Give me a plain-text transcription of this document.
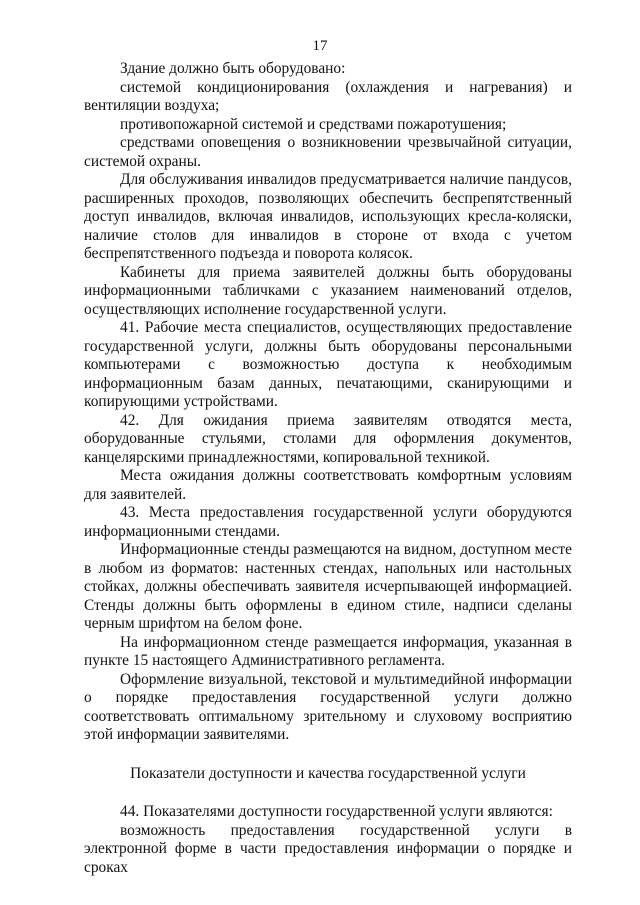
17

Здание должно быть оборудовано:

системой кондиционирования (охлаждения и нагревания) и вентиляции воздуха;

противопожарной системой и средствами пожаротушения;

средствами оповещения о возникновении чрезвычайной ситуации, системой охраны.

Для обслуживания инвалидов предусматривается наличие пандусов, расширенных проходов, позволяющих обеспечить беспрепятственный доступ инвалидов, включая инвалидов, использующих кресла-коляски, наличие столов для инвалидов в стороне от входа с учетом беспрепятственного подъезда и поворота колясок.

Кабинеты для приема заявителей должны быть оборудованы информационными табличками с указанием наименований отделов, осуществляющих исполнение государственной услуги.

41. Рабочие места специалистов, осуществляющих предоставление государственной услуги, должны быть оборудованы персональными компьютерами с возможностью доступа к необходимым информационным базам данных, печатающими, сканирующими и копирующими устройствами.

42. Для ожидания приема заявителям отводятся места, оборудованные стульями, столами для оформления документов, канцелярскими принадлежностями, копировальной техникой.

Места ожидания должны соответствовать комфортным условиям для заявителей.

43. Места предоставления государственной услуги оборудуются информационными стендами.

Информационные стенды размещаются на видном, доступном месте в любом из форматов: настенных стендах, напольных или настольных стойках, должны обеспечивать заявителя исчерпывающей информацией. Стенды должны быть оформлены в едином стиле, надписи сделаны черным шрифтом на белом фоне.

На информационном стенде размещается информация, указанная в пункте 15 настоящего Административного регламента.

Оформление визуальной, текстовой и мультимедийной информации о порядке предоставления государственной услуги должно соответствовать оптимальному зрительному и слуховому восприятию этой информации заявителями.

Показатели доступности и качества государственной услуги

44. Показателями доступности государственной услуги являются:

возможность предоставления государственной услуги в электронной форме в части предоставления информации о порядке и сроках
